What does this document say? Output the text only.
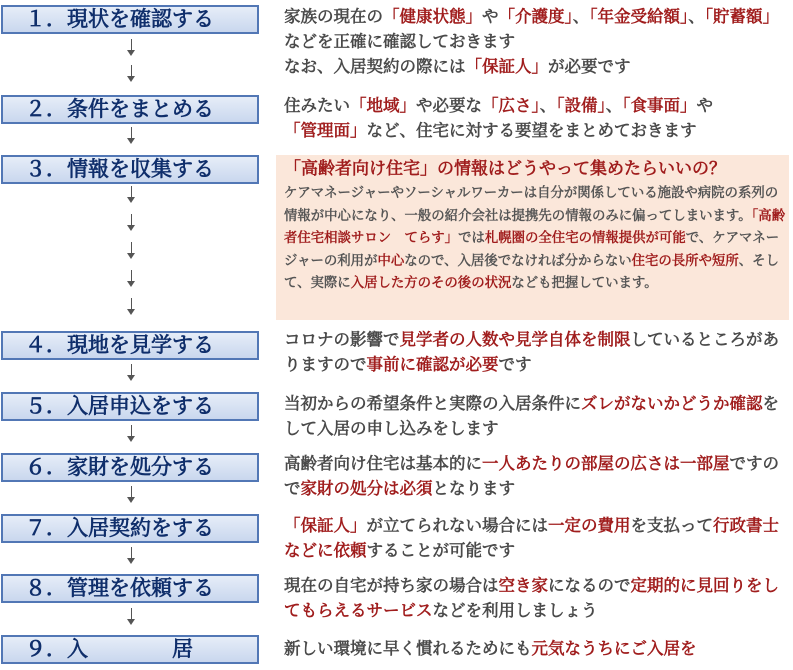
１．現状を確認する
２．条件をまとめる
３．情報を収集する
４．現地を見学する
５．入居申込をする
６．家財を処分する
７．入居契約をする
８．管理を依頼する
９．入　　　　居
家族の現在の「健康状態」や「介護度」、「年金受給額」、「貯蓄額」などを正確に確認しておきます
なお、入居契約の際には「保証人」が必要です
住みたい「地域」や必要な「広さ」、「設備」、「食事面」や「管理面」など、住宅に対する要望をまとめておきます
「高齢者向け住宅」の情報はどうやって集めたらいいの？
ケアマネージャーやソーシャルワーカーは自分が関係している施設や病院の系列の情報が中心になり、一般の紹介会社は提携先の情報のみに偏ってしまいます。「高齢者住宅相談サロン　てらす」では札幌圏の全住宅の情報提供が可能で、ケアマネージャーの利用が中心なので、入居後でなければ分からない住宅の長所や短所、そして、実際に入居した方のその後の状況なども把握しています。
コロナの影響で見学者の人数や見学自体を制限しているところがありますので事前に確認が必要です
当初からの希望条件と実際の入居条件にズレがないかどうか確認をして入居の申し込みをします
高齢者向け住宅は基本的に一人あたりの部屋の広さは一部屋ですので家財の処分は必須となります
「保証人」が立てられない場合には一定の費用を支払って行政書士などに依頼することが可能です
現在の自宅が持ち家の場合は空き家になるので定期的に見回りをしてもらえるサービスなどを利用しましょう
新しい環境に早く慣れるためにも元気なうちにご入居を
